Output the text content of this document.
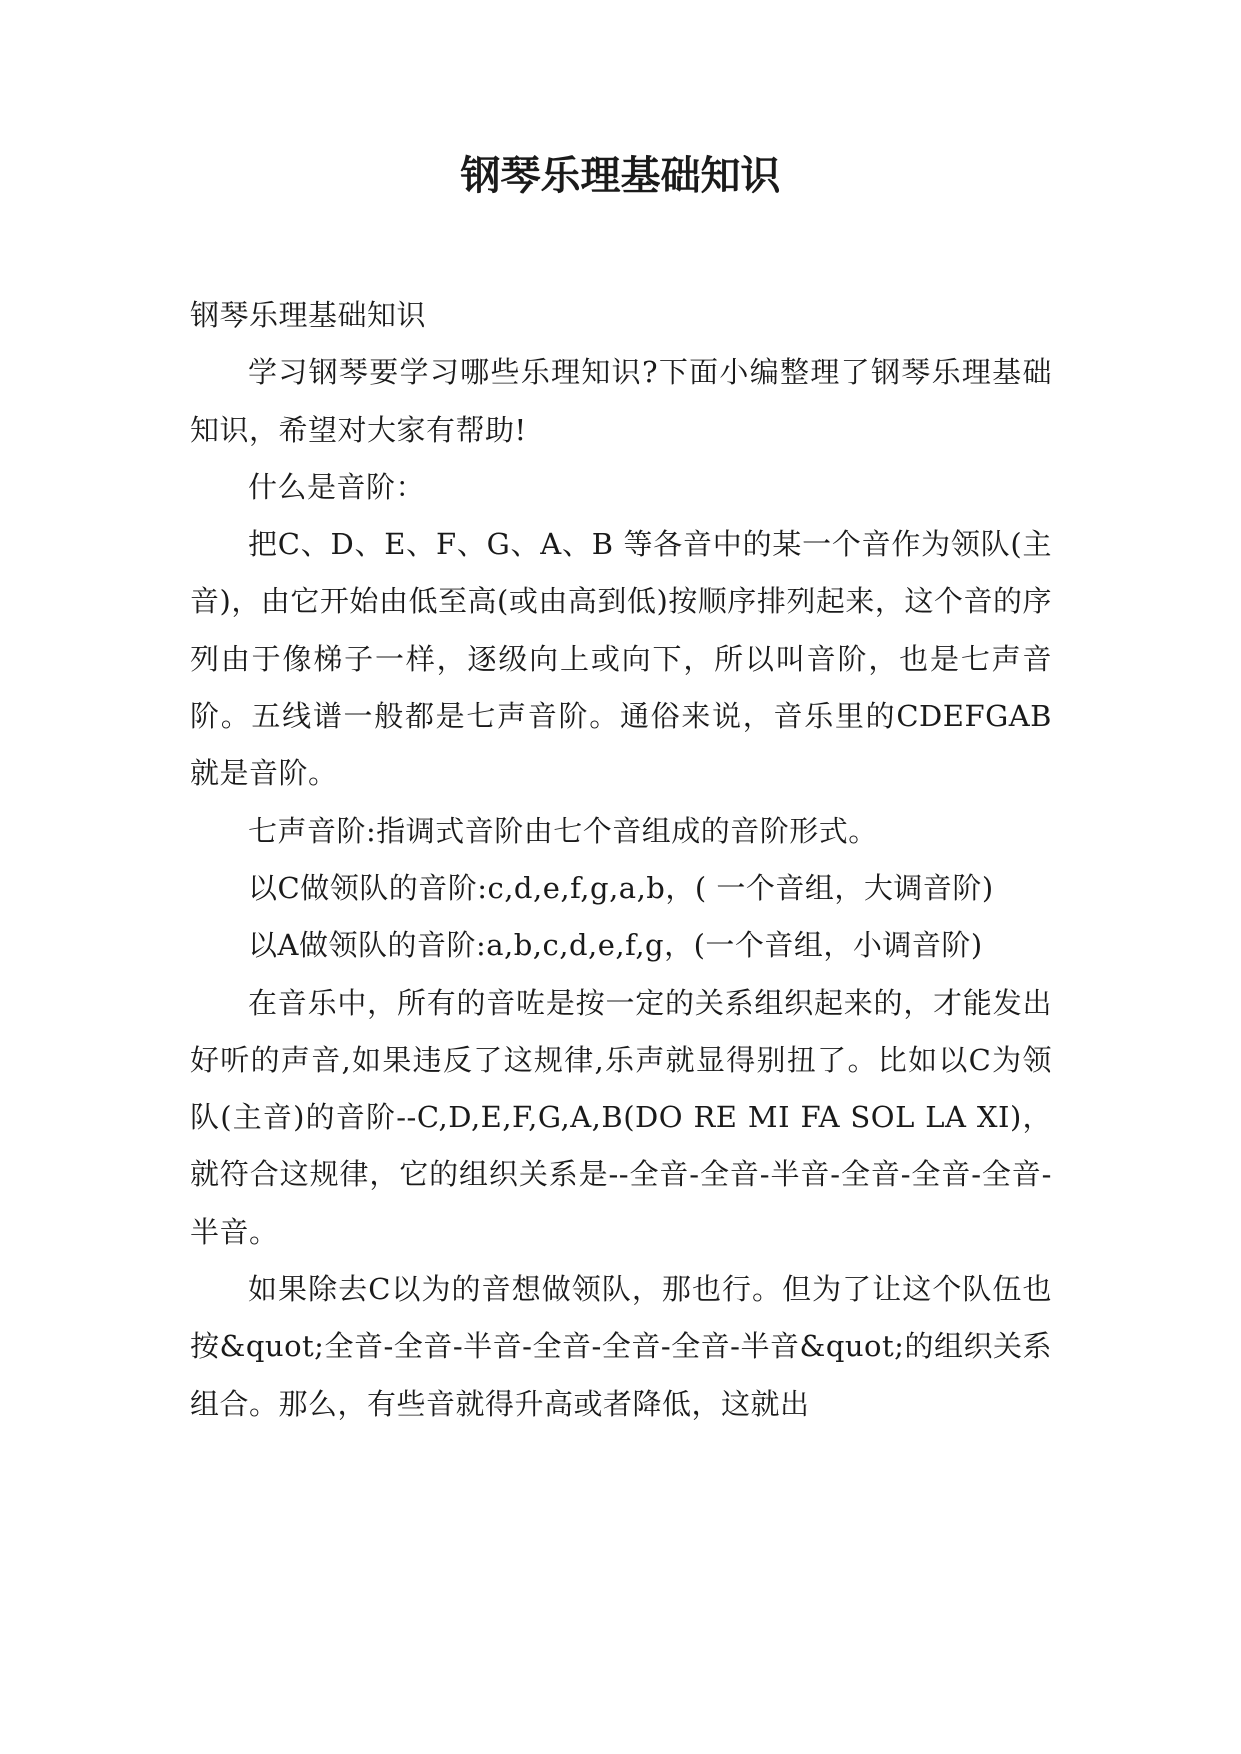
钢琴乐理基础知识

钢琴乐理基础知识

学习钢琴要学习哪些乐理知识?下面小编整理了钢琴乐理基础知识，希望对大家有帮助!

什么是音阶：

把C、D、E、F、G、A、B 等各音中的某一个音作为领队(主音)，由它开始由低至高(或由高到低)按顺序排列起来，这个音的序列由于像梯子一样，逐级向上或向下，所以叫音阶，也是七声音阶。五线谱一般都是七声音阶。通俗来说，音乐里的CDEFGAB就是音阶。

七声音阶:指调式音阶由七个音组成的音阶形式。

以C做领队的音阶:c,d,e,f,g,a,b，( 一个音组，大调音阶)

以A做领队的音阶:a,b,c,d,e,f,g，(一个音组，小调音阶)

在音乐中，所有的音咗是按一定的关系组织起来的，才能发出好听的声音,如果违反了这规律,乐声就显得别扭了。比如以C为领队(主音)的音阶--C,D,E,F,G,A,B(DO RE MI FA SOL LA XI)，就符合这规律，它的组织关系是--全音-全音-半音-全音-全音-全音-半音。

如果除去C以为的音想做领队，那也行。但为了让这个队伍也按&quot;全音-全音-半音-全音-全音-全音-半音&quot;的组织关系组合。那么，有些音就得升高或者降低，这就出
